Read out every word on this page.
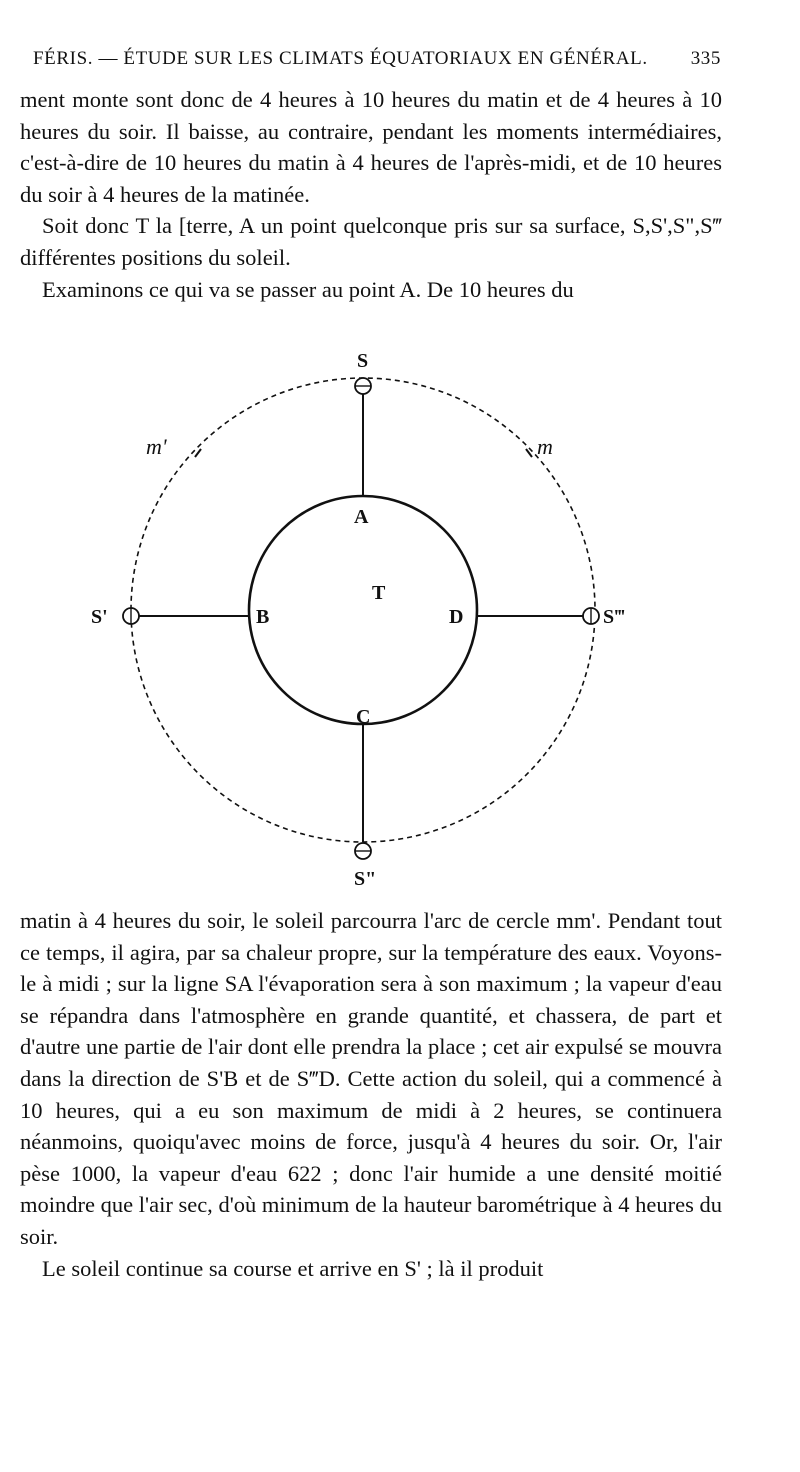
FÉRIS. — ÉTUDE SUR LES CLIMATS ÉQUATORIAUX EN GÉNÉRAL. 335

ment monte sont donc de 4 heures à 10 heures du matin et de 4 heures à 10 heures du soir. Il baisse, au contraire, pendant les moments intermédiaires, c'est-à-dire de 10 heures du matin à 4 heures de l'après-midi, et de 10 heures du soir à 4 heures de la matinée.

Soit donc T la [terre, A un point quelconque pris sur sa surface, S,S',S",S‴ différentes positions du soleil.

Examinons ce qui va se passer au point A. De 10 heures du

S
S"
S'	S‴
T
A
B
C
D
m'	m

matin à 4 heures du soir, le soleil parcourra l'arc de cercle mm'. Pendant tout ce temps, il agira, par sa chaleur propre, sur la température des eaux. Voyons-le à midi ; sur la ligne SA l'évaporation sera à son maximum ; la vapeur d'eau se répandra dans l'atmosphère en grande quantité, et chassera, de part et d'autre une partie de l'air dont elle prendra la place ; cet air expulsé se mouvra dans la direction de S'B et de S‴D. Cette action du soleil, qui a commencé à 10 heures, qui a eu son maximum de midi à 2 heures, se continuera néanmoins, quoiqu'avec moins de force, jusqu'à 4 heures du soir. Or, l'air pèse 1000, la vapeur d'eau 622 ; donc l'air humide a une densité moitié moindre que l'air sec, d'où minimum de la hauteur barométrique à 4 heures du soir.

Le soleil continue sa course et arrive en S' ; là il produit
